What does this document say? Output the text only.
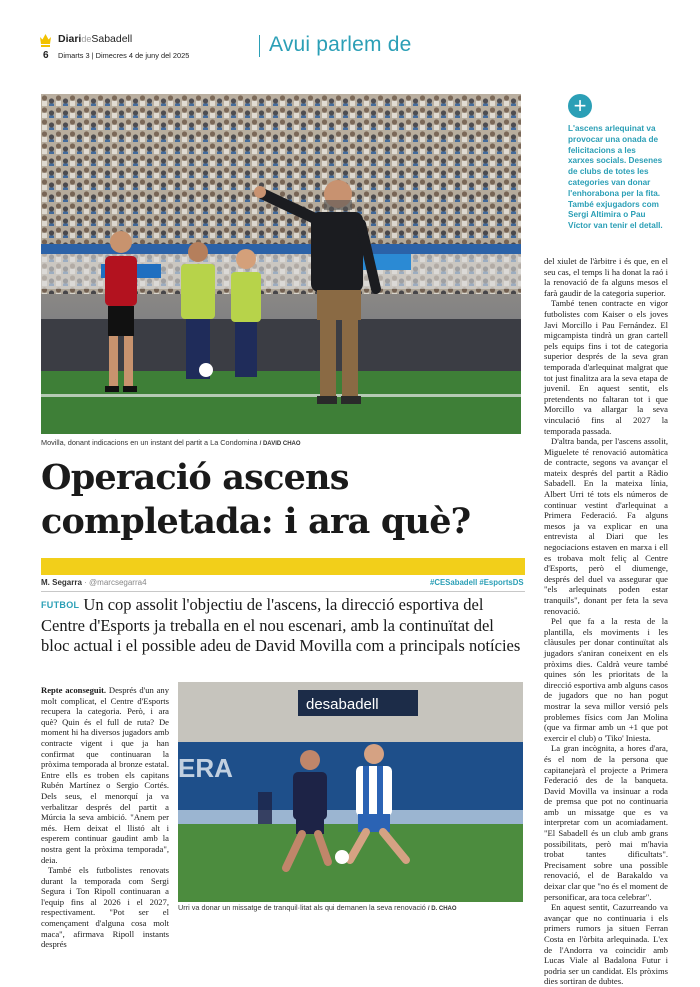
DiarideSabadell
6 Dimarts 3 | Dimecres 4 de juny del 2025	Avui parlem de
Movilla, donant indicacions en un instant del partit a La Condomina / DAVID CHAO
+
L'ascens arlequinat va provocar una onada de felicitacions a les xarxes socials. Desenes de clubs de totes les categories van donar l'enhorabona per la fita. També exjugadors com Sergi Altimira o Pau Víctor van tenir el detall.
Operació ascens
completada: i ara què?
M. Segarra · @marcsegarra4	#CESabadell #EsportsDS
FUTBOL Un cop assolit l'objectiu de l'ascens, la direcció esportiva del Centre d'Esports ja treballa en el nou escenari, amb la continuïtat del bloc actual i el possible adeu de David Movilla com a principals notícies

Repte aconseguit. Després d'un any molt complicat, el Centre d'Esports recupera la categoria. Però, i ara què? Quin és el full de ruta? De moment hi ha diversos jugadors amb contracte vigent i que ja han confirmat que continuaran la pròxima temporada al bronze estatal. Entre ells es troben els capitans Rubén Martínez o Sergio Cortés. Dels seus, el menorquí ja va verbalitzar després del partit a Múrcia la seva ambició. "Anem per més. Hem deixat el llistó alt i esperem continuar gaudint amb la nostra gent la pròxima temporada", deia.

També els futbolistes renovats durant la temporada com Sergi Segura i Ton Ripoll continuaran a l'equip fins al 2026 i el 2027, respectivament. "Pot ser el començament d'alguna cosa molt maca", afirmava Ripoll instants després

desabadell
ERA
Urri va donar un missatge de tranquil·litat als qui demanen la seva renovació / D. CHAO

del xiulet de l'àrbitre i és que, en el seu cas, el temps li ha donat la raó i la renovació de fa alguns mesos el farà gaudir de la categoria superior.

També tenen contracte en vigor futbolistes com Kaiser o els joves Javi Morcillo i Pau Fernández. El migcampista tindrà un gran cartell pels equips fins i tot de categoria superior després de la seva gran temporada d'arlequinat malgrat que tot just finalitza ara la seva etapa de juvenil. En aquest sentit, els pretendents no faltaran tot i que Morcillo va allargar la seva vinculació fins al 2027 la temporada passada.

D'altra banda, per l'ascens assolit, Miguelete té renovació automàtica de contracte, segons va avançar el mateix després del partit a Ràdio Sabadell. En la mateixa línia, Albert Urri té tots els números de continuar vestint d'arlequinat a Primera Federació. Fa alguns mesos ja va explicar en una entrevista al Diari que les negociacions estaven en marxa i ell es trobava molt feliç al Centre d'Esports, però el diumenge, després del duel va assegurar que "els arlequinats poden estar tranquils", donant per feta la seva renovació.

Pel que fa a la resta de la plantilla, els moviments i les clàusules per donar continuïtat als jugadors s'aniran coneixent en els pròxims dies. Caldrà veure també quines són les prioritats de la direcció esportiva amb alguns casos de jugadors que no han pogut mostrar la seva millor versió pels problemes físics com Jan Molina (que va firmar amb un +1 que pot exercir el club) o 'Tiko' Iniesta.

La gran incògnita, a hores d'ara, és el nom de la persona que capitanejarà el projecte a Primera Federació des de la banqueta. David Movilla va insinuar a roda de premsa que pot no continuaria amb un missatge que es va interpretar com un acomiadament. "El Sabadell és un club amb grans possibilitats, però mai m'havia trobat tantes dificultats". Precisament sobre una possible renovació, el de Barakaldo va deixar clar que "no és el moment de personificar, ara toca celebrar".

En aquest sentit, Cazurreando va avançar que no continuaria i els primers rumors ja situen Ferran Costa en l'òrbita arlequinada. L'ex de l'Andorra va coincidir amb Lucas Viale al Badalona Futur i podria ser un candidat. Els pròxims dies sortiran de dubtes.
